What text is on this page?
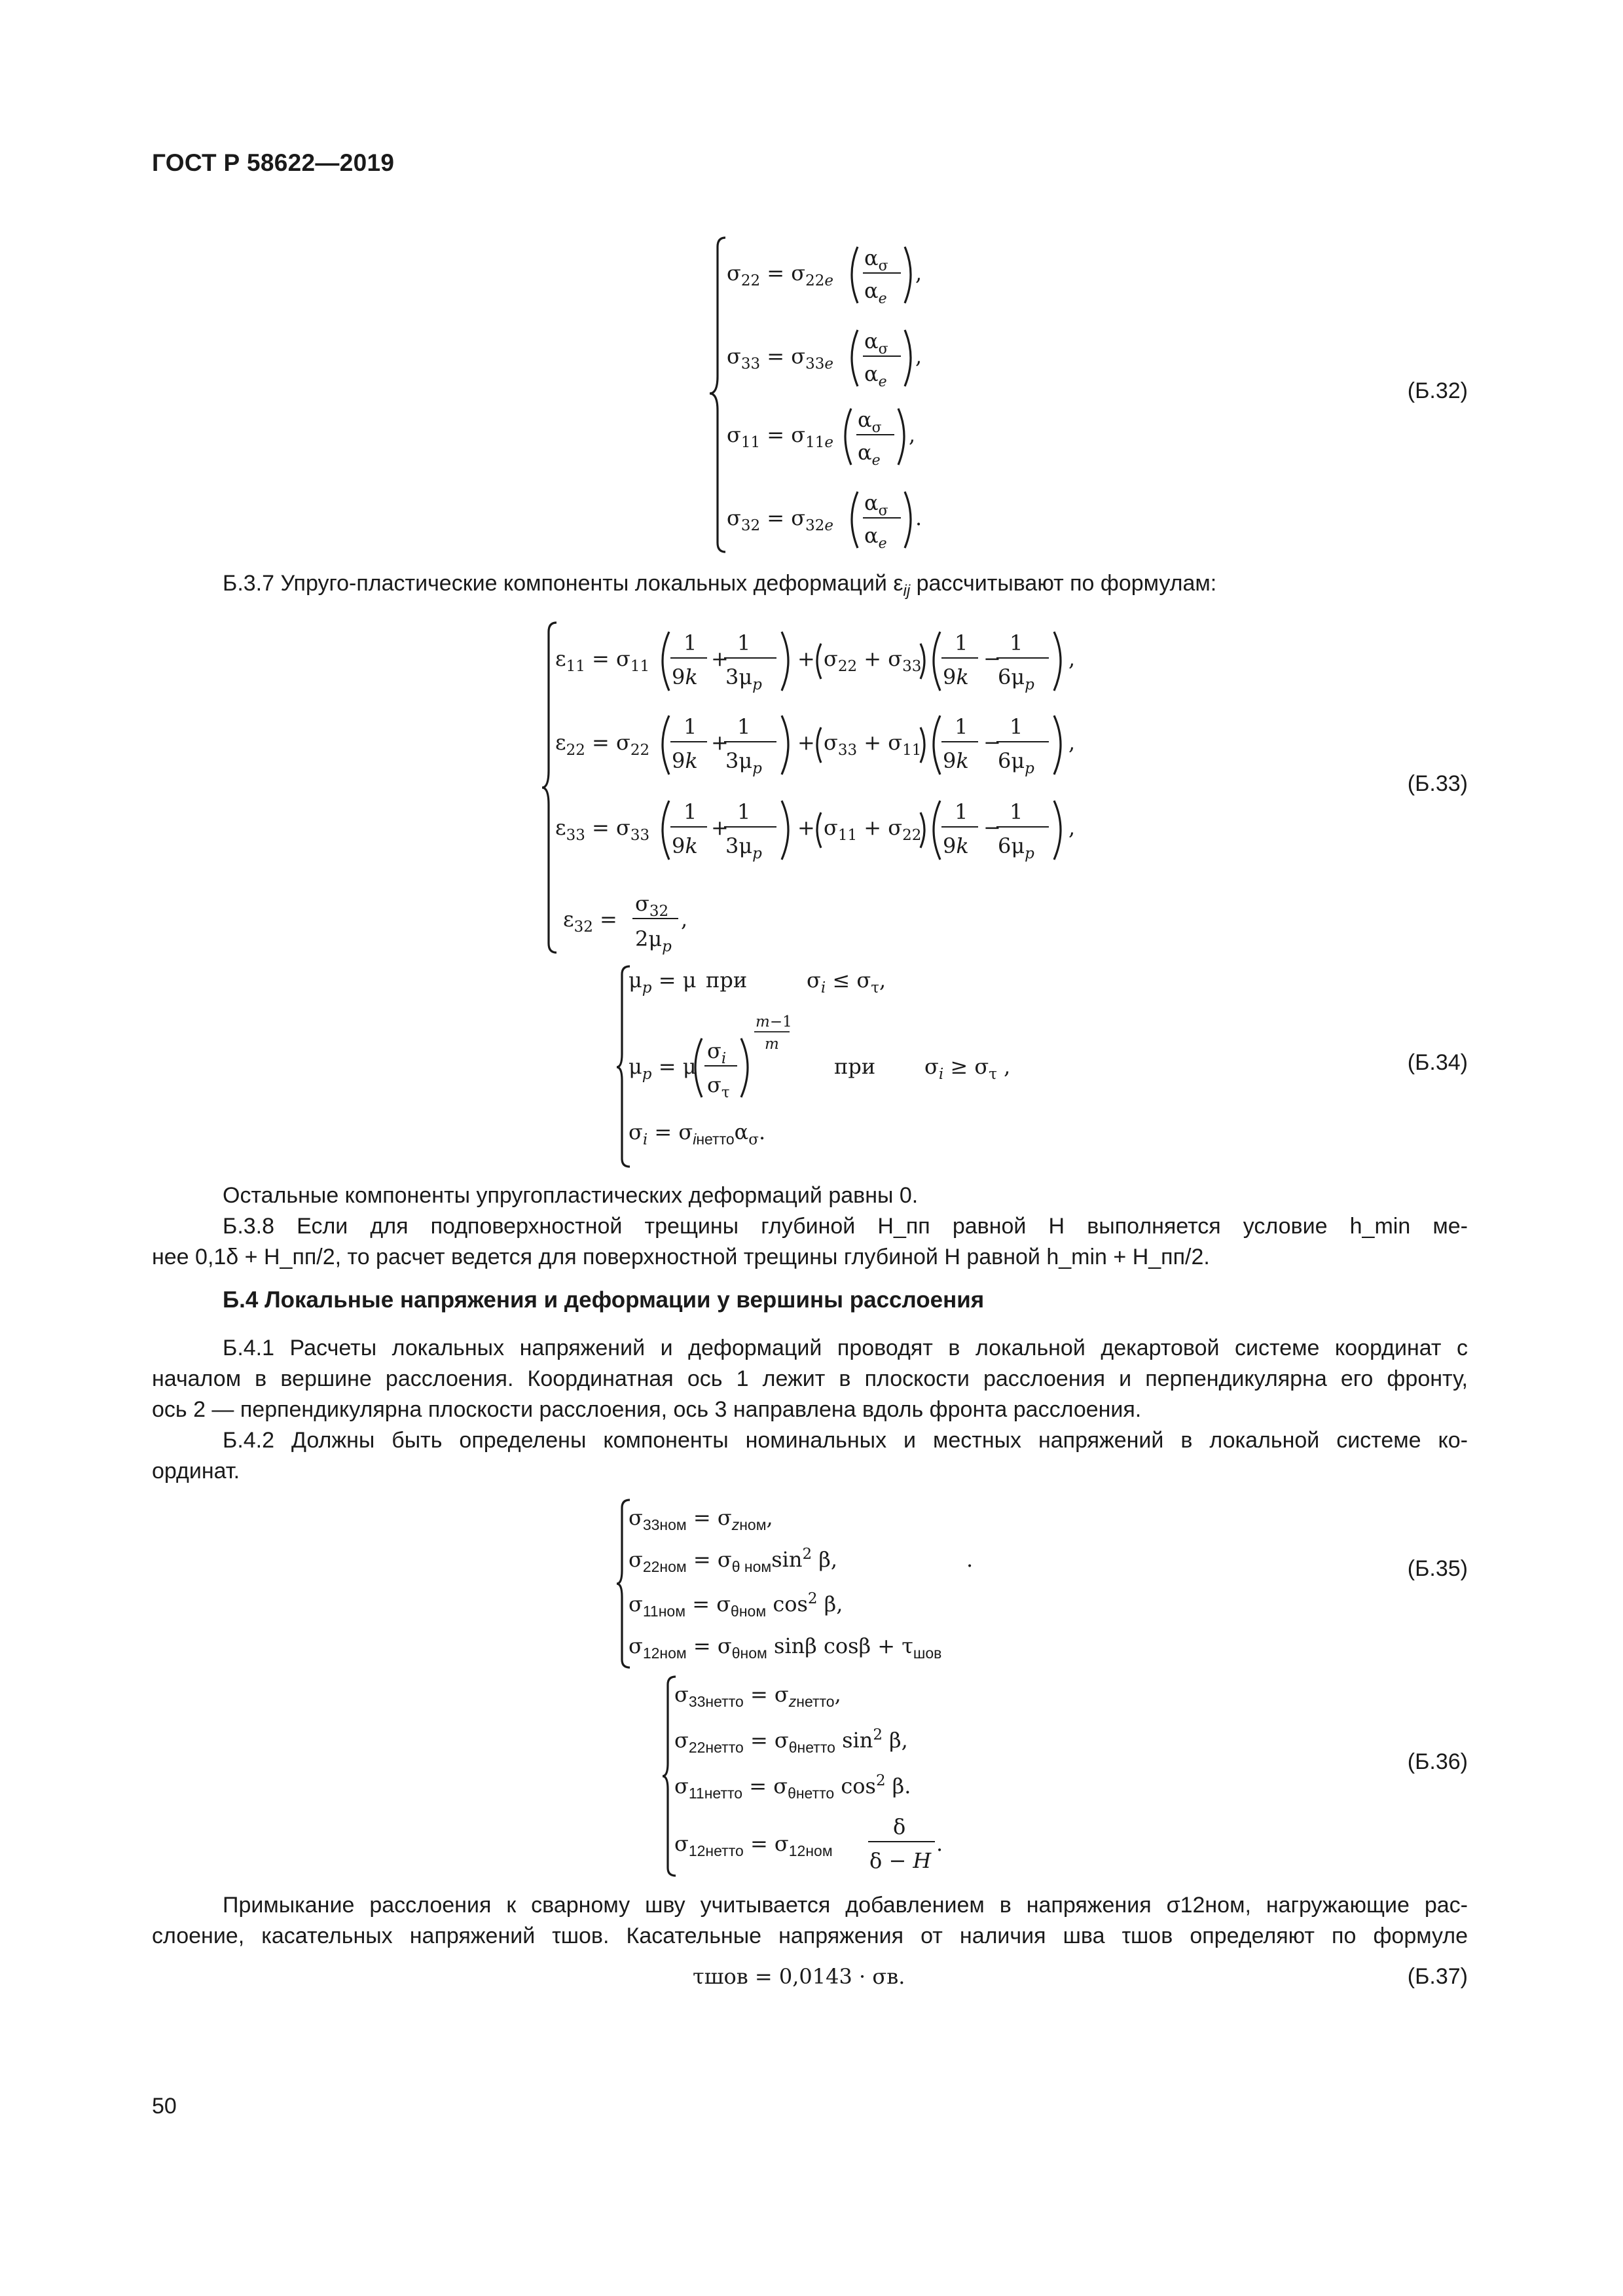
ГОСТ Р 58622—2019
$\sigma_{22} = \sigma_{22}e$
$\alpha_\sigma$
$\alpha_e$
,
$\sigma_{33} = \sigma_{33}e$
$\alpha_\sigma$
$\alpha_e$
,
$\sigma_{11} = \sigma_{11}e$
$\alpha_\sigma$
$\alpha_e$
,
$\sigma_{32} = \sigma_{32}e$
$\alpha_\sigma$
$\alpha_e$
.
(Б.32)
Б.3.7 Упруго-пластические компоненты локальных деформаций $\varepsilon_{ij}$ рассчитывают по формулам:
$\varepsilon_{11} = \sigma_{11}$
1
9k
+
1
$3\mu_p$
+ $\sigma_{22} + \sigma_{33}$
1
9k
−
1
$6\mu_p$
,
$\varepsilon_{22} = \sigma_{22}$
1
9k
+
1
$3\mu_p$
+ $\sigma_{33} + \sigma_{11}$
1
9k
−
1
$6\mu_p$
,
$\varepsilon_{33} = \sigma_{33}$
1
9k
+
1
$3\mu_p$
+ $\sigma_{11} + \sigma_{22}$
1
9k
−
1
$6\mu_p$
,
$\varepsilon_{32}$ =
$\sigma_{32}$
$2\mu_p$
,
(Б.33)
$\mu_p = \mu$ при	$\sigma_i \le \sigma_\tau$,
$\mu_p = \mu$
$\sigma_i$
$\sigma_\tau$
m−1
m
при $\sigma_i \ge \sigma_\tau$ ,
$\sigma_i = \sigma_{iнетто}\alpha_\sigma$.
(Б.34)
Остальные компоненты упругопластических деформаций равны 0.
Б.3.8 Если для подповерхностной трещины глубиной H_пп равной H выполняется условие h_min ме-
нее 0,1δ + H_пп/2, то расчет ведется для поверхностной трещины глубиной H равной h_min + H_пп/2.
Б.4 Локальные напряжения и деформации у вершины расслоения
Б.4.1 Расчеты локальных напряжений и деформаций проводят в локальной декартовой системе координат с
началом в вершине расслоения. Координатная ось 1 лежит в плоскости расслоения и перпендикулярна его фронту,
ось 2 — перпендикулярна плоскости расслоения, ось 3 направлена вдоль фронта расслоения.
Б.4.2 Должны быть определены компоненты номинальных и местных напряжений в локальной системе ко-
ординат.
$\sigma_{33ном} = \sigma_{zном}$,
$\sigma_{22ном} = \sigma_{\theta ном}\sin^2$ β,
$\sigma_{11ном} = \sigma_{\theta ном}$ $\cos^2 \beta$,
$\sigma_{12ном} = \sigma_{\theta ном}$ sinβ $\cos\beta + \tau_{шов}$
.	(Б.35)
$\sigma_{33нетто} = \sigma_{zнетто}$,
$\sigma_{22нетто} = \sigma_{\theta нетто}$ $\sin^2 \beta$,
$\sigma_{11нетто} = \sigma_{\theta нетто}$ $\cos^2 \beta$.
$\sigma_{12нетто} = \sigma_{12ном}$
δ
δ − H
.
(Б.36)
Примыкание расслоения к сварному шву учитывается добавлением в напряжения σ12ном, нагружающие рас-
слоение, касательных напряжений τшов. Касательные напряжения от наличия шва τшов определяют по формуле
τшов = 0,0143 · σв.	(Б.37)
50
